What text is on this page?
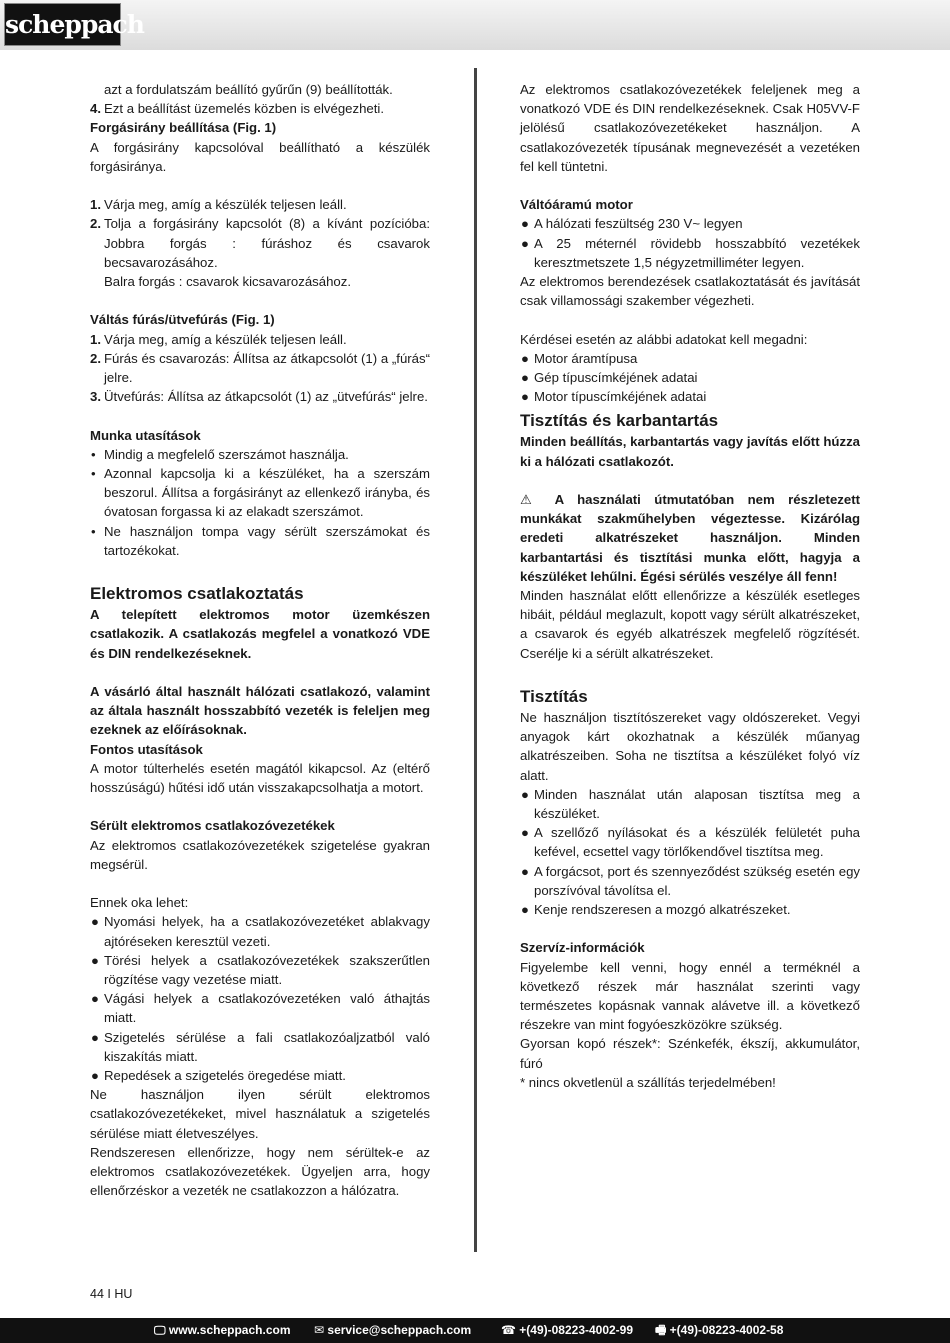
scheppach

azt a fordulatszám beállító gyűrűn (9) beállították.

4. Ezt a beállítást üzemelés közben is elvégezheti.

Forgásirány beállítása (Fig. 1)

A forgásirány kapcsolóval beállítható a készülék forgásiránya.

1. Várja meg, amíg a készülék teljesen leáll.
2. Tolja a forgásirány kapcsolót (8) a kívánt pozícióba: Jobbra forgás : fúráshoz és csavarok becsavarozásához.

Balra forgás : csavarok kicsavarozásához.

Váltás fúrás/ütvefúrás (Fig. 1)

1. Várja meg, amíg a készülék teljesen leáll.
2. Fúrás és csavarozás: Állítsa az átkapcsolót (1) a „fúrás“ jelre.
3. Ütvefúrás: Állítsa az átkapcsolót (1) az „ütvefúrás“ jelre.

Munka utasítások

• Mindig a megfelelő szerszámot használja.
• Azonnal kapcsolja ki a készüléket, ha a szerszám beszorul. Állítsa a forgásirányt az ellenkező irányba, és óvatosan forgassa ki az elakadt szerszámot.
• Ne használjon tompa vagy sérült szerszámokat és tartozékokat.

Elektromos csatlakoztatás

A telepített elektromos motor üzemkészen csatlakozik. A csatlakozás megfelel a vonatkozó VDE és DIN rendelkezéseknek.

A vásárló által használt hálózati csatlakozó, valamint az általa használt hosszabbító vezeték is feleljen meg ezeknek az előírásoknak.

Fontos utasítások

A motor túlterhelés esetén magától kikapcsol. Az (eltérő hosszúságú) hűtési idő után visszakapcsolhatja a motort.

Sérült elektromos csatlakozóvezetékek

Az elektromos csatlakozóvezetékek szigetelése gyakran megsérül.

Ennek oka lehet:

● Nyomási helyek, ha a csatlakozóvezetéket ablakvagy ajtóréseken keresztül vezeti.
● Törési helyek a csatlakozóvezetékek szakszerűtlen rögzítése vagy vezetése miatt.
● Vágási helyek a csatlakozóvezetéken való áthajtás miatt.
● Szigetelés sérülése a fali csatlakozóaljzatból való kiszakítás miatt.
● Repedések a szigetelés öregedése miatt.

Ne használjon ilyen sérült elektromos csatlakozóvezetékeket, mivel használatuk a szigetelés sérülése miatt életveszélyes.

Rendszeresen ellenőrizze, hogy nem sérültek-e az elektromos csatlakozóvezetékek. Ügyeljen arra, hogy ellenőrzéskor a vezeték ne csatlakozzon a hálózatra.

Az elektromos csatlakozóvezetékek feleljenek meg a vonatkozó VDE és DIN rendelkezéseknek. Csak H05VV-F jelölésű csatlakozóvezetékeket használjon. A csatlakozóvezeték típusának megnevezését a vezetéken fel kell tüntetni.

Váltóáramú motor

● A hálózati feszültség 230 V~ legyen
● A 25 méternél rövidebb hosszabbító vezetékek keresztmetszete 1,5 négyzetmilliméter legyen.

Az elektromos berendezések csatlakoztatását és javítását csak villamossági szakember végezheti.

Kérdései esetén az alábbi adatokat kell megadni:

● Motor áramtípusa
● Gép típuscímkéjének adatai
● Motor típuscímkéjének adatai

Tisztítás és karbantartás

Minden beállítás, karbantartás vagy javítás előtt húzza ki a hálózati csatlakozót.

⚠ A használati útmutatóban nem részletezett munkákat szakműhelyben végeztesse. Kizárólag eredeti alkatrészeket használjon. Minden karbantartási és tisztítási munka előtt, hagyja a készüléket lehűlni. Égési sérülés veszélye áll fenn!

Minden használat előtt ellenőrizze a készülék esetleges hibáit, például meglazult, kopott vagy sérült alkatrészeket, a csavarok és egyéb alkatrészek megfelelő rögzítését. Cserélje ki a sérült alkatrészeket.

Tisztítás

Ne használjon tisztítószereket vagy oldószereket. Vegyi anyagok kárt okozhatnak a készülék műanyag alkatrészeiben. Soha ne tisztítsa a készüléket folyó víz alatt.

● Minden használat után alaposan tisztítsa meg a készüléket.
● A szellőző nyílásokat és a készülék felületét puha kefével, ecsettel vagy törlőkendővel tisztítsa meg.
● A forgácsot, port és szennyeződést szükség esetén egy porszívóval távolítsa el.
● Kenje rendszeresen a mozgó alkatrészeket.

Szervíz-információk

Figyelembe kell venni, hogy ennél a terméknél a következő részek már használat szerinti vagy természetes kopásnak vannak alávetve ill. a következő részekre van mint fogyóeszközökre szükség.

Gyorsan kopó részek*: Szénkefék, ékszíj, akkumulátor, fúró

* nincs okvetlenül a szállítás terjedelmében!

44 I HU
🖵 www.scheppach.com ✉ service@scheppach.com ☎ +(49)-08223-4002-99 🖷 +(49)-08223-4002-58
